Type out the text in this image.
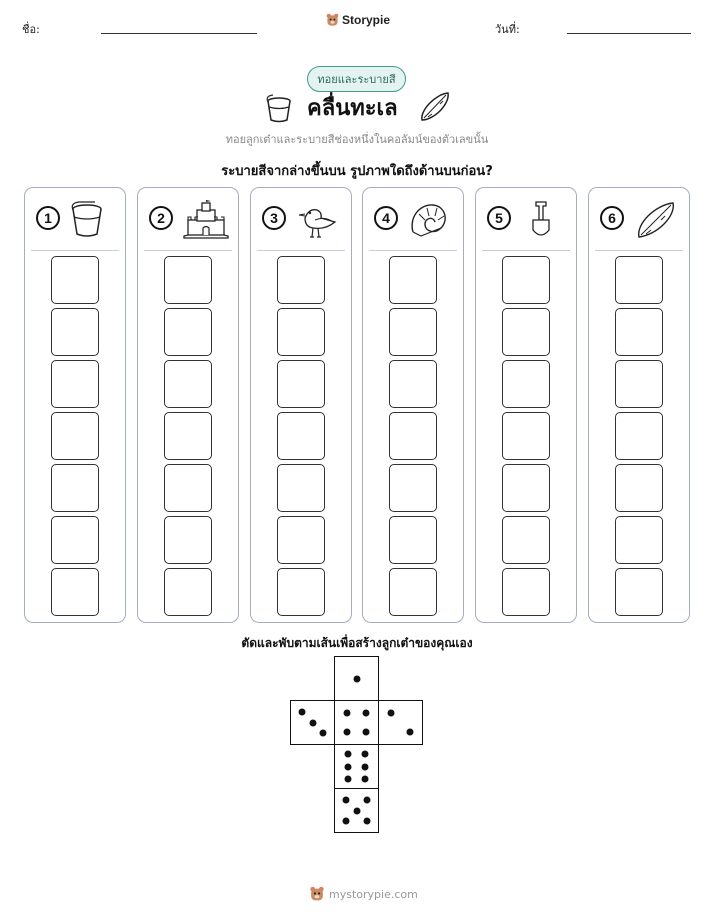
ชื่อ:
Storypie
วันที่:
ทอยและระบายสี
คลื่นทะเล
ทอยลูกเต๋าและระบายสีช่องหนึ่งในคอลัมน์ของตัวเลขนั้น
ระบายสีจากล่างขึ้นบน รูปภาพใดถึงด้านบนก่อน?
1	2	3	4	5	6
ตัดและพับตามเส้นเพื่อสร้างลูกเต๋าของคุณเอง
mystorypie.com
